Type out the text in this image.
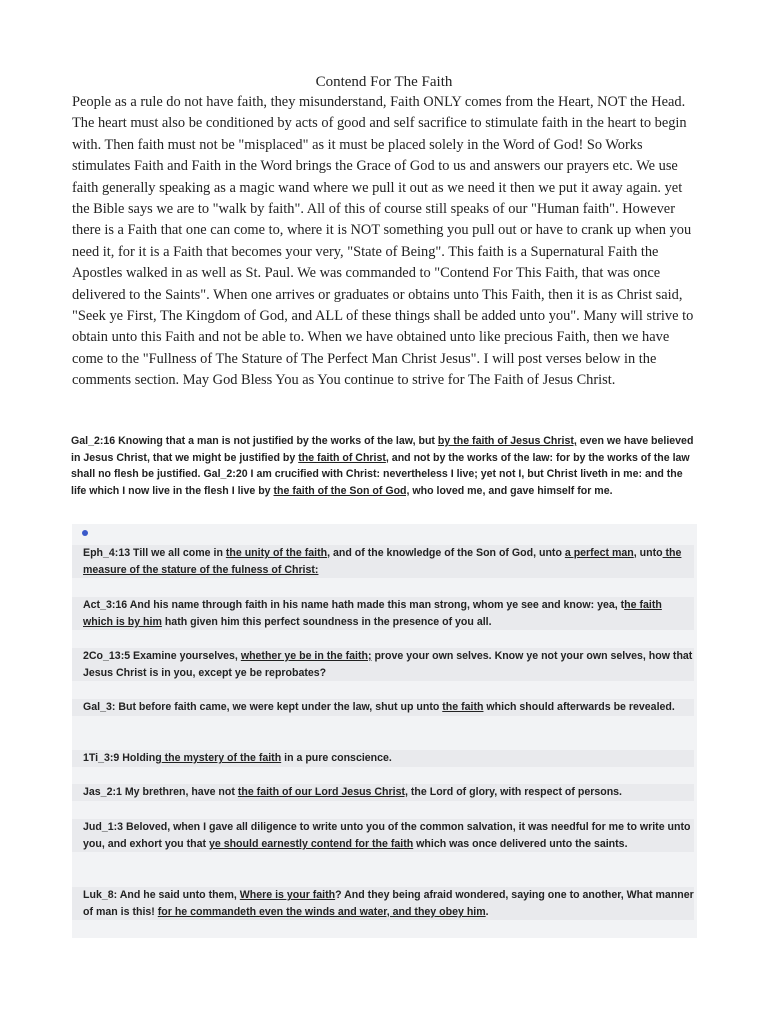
Contend For The Faith
People as a rule do not have faith, they misunderstand, Faith ONLY comes from the Heart, NOT the Head. The heart must also be conditioned by acts of good and self sacrifice to stimulate faith in the heart to begin with. Then faith must not be "misplaced" as it must be placed solely in the Word of God! So Works stimulates Faith and Faith in the Word brings the Grace of God to us and answers our prayers etc. We use faith generally speaking as a magic wand where we pull it out as we need it then we put it away again. yet the Bible says we are to "walk by faith". All of this of course still speaks of our "Human faith". However there is a Faith that one can come to, where it is NOT something you pull out or have to crank up when you need it, for it is a Faith that becomes your very, "State of Being". This faith is a Supernatural Faith the Apostles walked in as well as St. Paul. We was commanded to "Contend For This Faith, that was once delivered to the Saints". When one arrives or graduates or obtains unto This Faith, then it is as Christ said, "Seek ye First, The Kingdom of God, and ALL of these things shall be added unto you". Many will strive to obtain unto this Faith and not be able to. When we have obtained unto like precious Faith, then we have come to the "Fullness of The Stature of The Perfect Man Christ Jesus". I will post verses below in the comments section. May God Bless You as You continue to strive for The Faith of Jesus Christ.
Gal_2:16 Knowing that a man is not justified by the works of the law, but by the faith of Jesus Christ, even we have believed in Jesus Christ, that we might be justified by the faith of Christ, and not by the works of the law: for by the works of the law shall no flesh be justified. Gal_2:20 I am crucified with Christ: nevertheless I live; yet not I, but Christ liveth in me: and the life which I now live in the flesh I live by the faith of the Son of God, who loved me, and gave himself for me.
Eph_4:13 Till we all come in the unity of the faith, and of the knowledge of the Son of God, unto a perfect man, unto the measure of the stature of the fulness of Christ:
Act_3:16 And his name through faith in his name hath made this man strong, whom ye see and know: yea, the faith which is by him hath given him this perfect soundness in the presence of you all.
2Co_13:5 Examine yourselves, whether ye be in the faith; prove your own selves. Know ye not your own selves, how that Jesus Christ is in you, except ye be reprobates?
Gal_3: But before faith came, we were kept under the law, shut up unto the faith which should afterwards be revealed.
1Ti_3:9 Holding the mystery of the faith in a pure conscience.
Jas_2:1 My brethren, have not the faith of our Lord Jesus Christ, the Lord of glory, with respect of persons.
Jud_1:3 Beloved, when I gave all diligence to write unto you of the common salvation, it was needful for me to write unto you, and exhort you that ye should earnestly contend for the faith which was once delivered unto the saints.
Luk_8: And he said unto them, Where is your faith? And they being afraid wondered, saying one to another, What manner of man is this! for he commandeth even the winds and water, and they obey him.
